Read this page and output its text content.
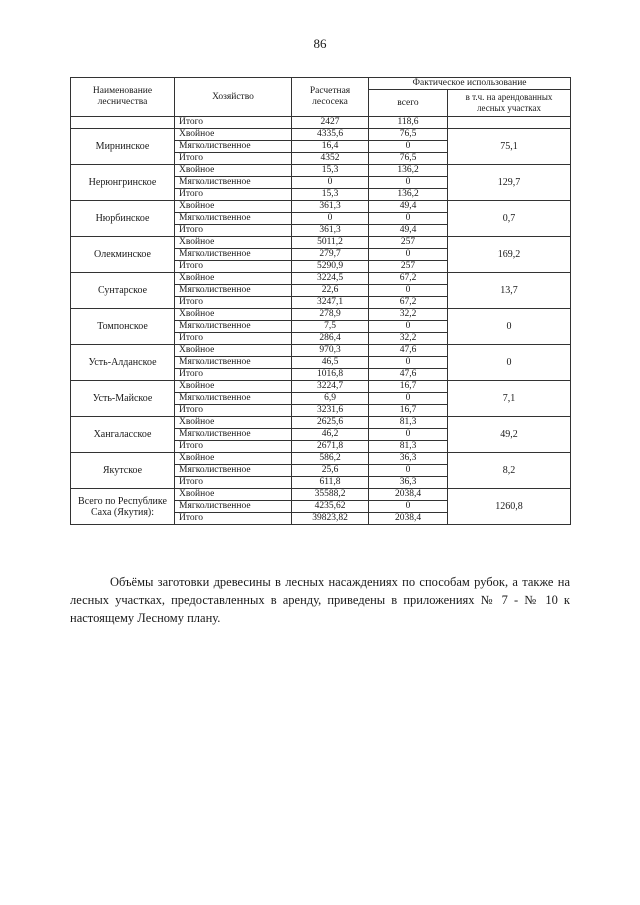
86
Наименование лесничества	Хозяйство	Расчетная лесосека	Фактическое использование	
			всего	в т.ч. на арендованных лесных участках
	Итого	2427	118,6	
Мирнинское	Хвойное	4335,6	76,5	75,1
	Мягколиственное	16,4	0	
	Итого	4352	76,5	
Нерюнгринское	Хвойное	15,3	136,2	129,7
	Мягколиственное	0	0	
	Итого	15,3	136,2	
Нюрбинское	Хвойное	361,3	49,4	0,7
	Мягколиственное	0	0	
	Итого	361,3	49,4	
Олекминское	Хвойное	5011,2	257	169,2
	Мягколиственное	279,7	0	
	Итого	5290,9	257	
Сунтарское	Хвойное	3224,5	67,2	13,7
	Мягколиственное	22,6	0	
	Итого	3247,1	67,2	
Томпонское	Хвойное	278,9	32,2	0
	Мягколиственное	7,5	0	
	Итого	286,4	32,2	
Усть-Алданское	Хвойное	970,3	47,6	0
	Мягколиственное	46,5	0	
	Итого	1016,8	47,6	
Усть-Майское	Хвойное	3224,7	16,7	7,1
	Мягколиственное	6,9	0	
	Итого	3231,6	16,7	
Хангаласское	Хвойное	2625,6	81,3	49,2
	Мягколиственное	46,2	0	
	Итого	2671,8	81,3	
Якутское	Хвойное	586,2	36,3	8,2
	Мягколиственное	25,6	0	
	Итого	611,8	36,3	
Всего по Республике Саха (Якутия):	Хвойное	35588,2	2038,4	1260,8
	Мягколиственное	4235,62	0	
	Итого	39823,82	2038,4	
Объёмы заготовки древесины в лесных насаждениях по способам рубок, а также на лесных участках, предоставленных в аренду, приведены в приложениях № 7 - № 10 к настоящему Лесному плану.
